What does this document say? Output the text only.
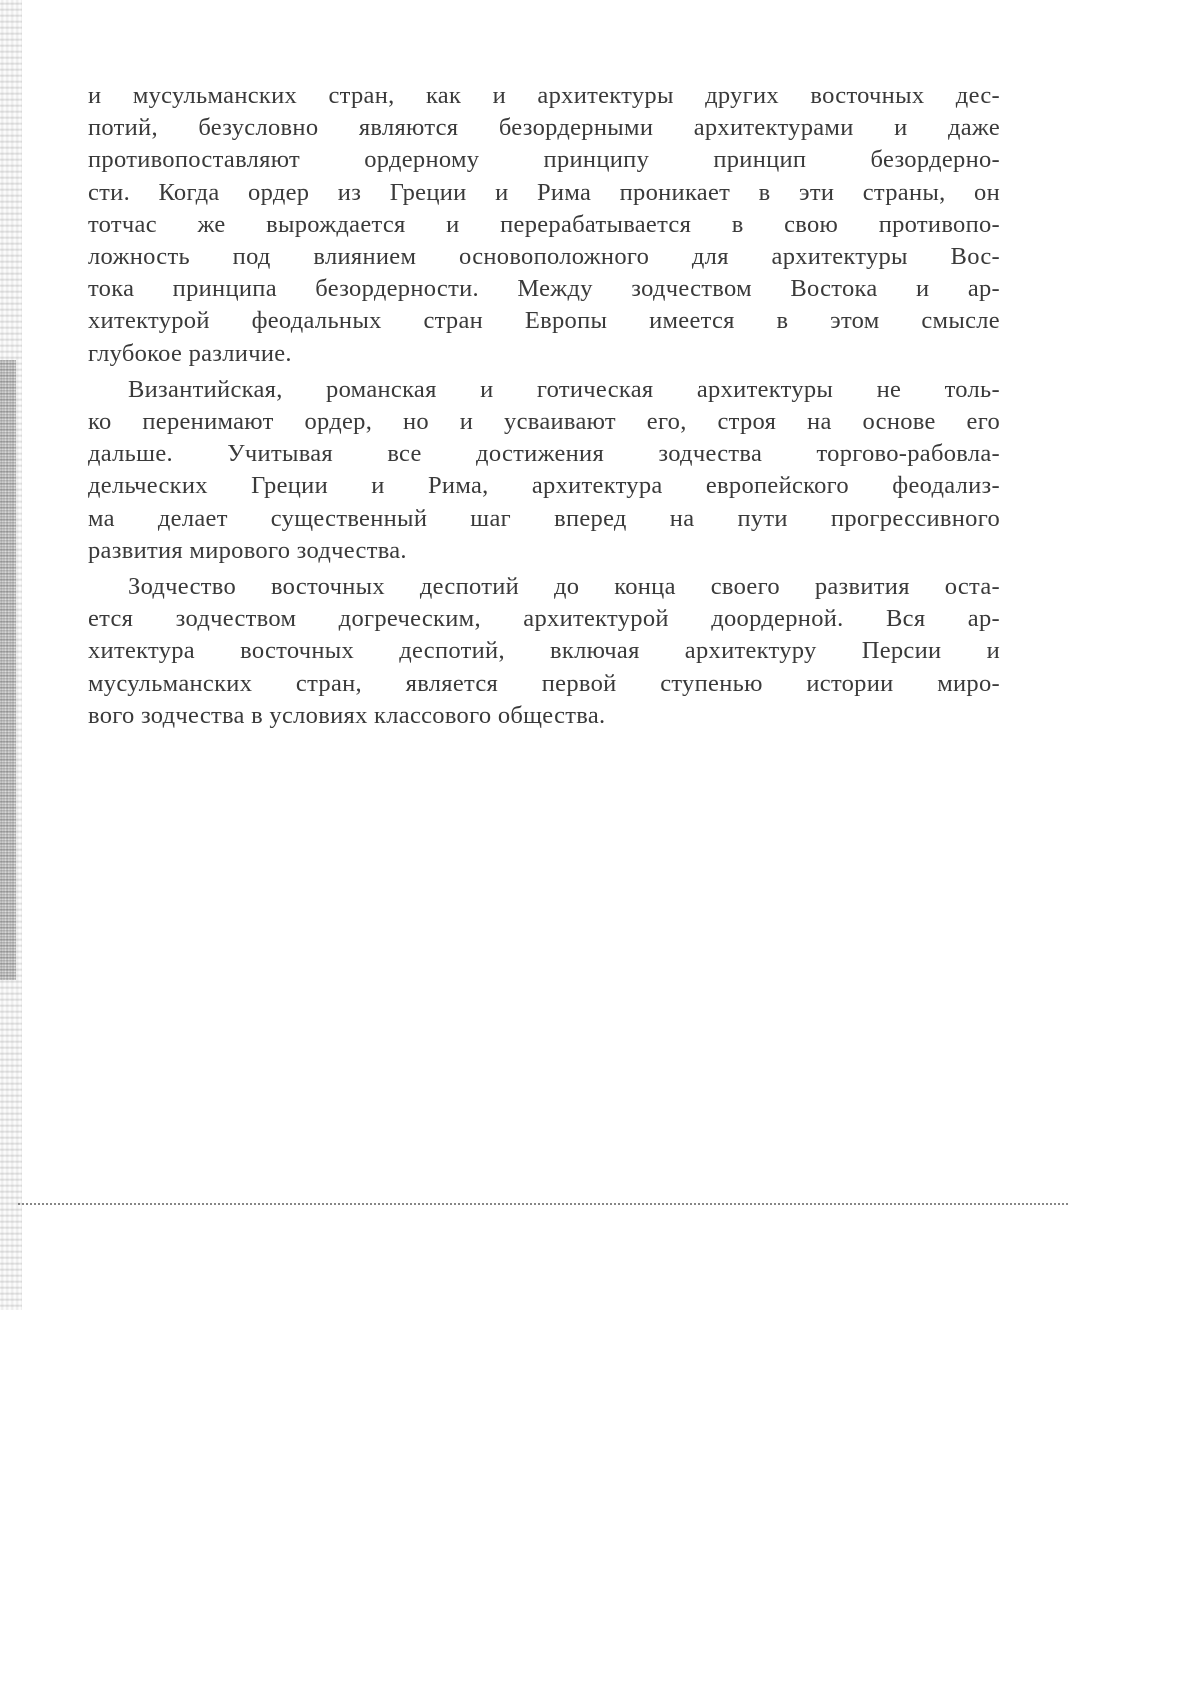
и мусульманских стран, как и архитектуры других восточных дес-
потий, безусловно являются безордерными архитектурами и даже
противопоставляют ордерному принципу принцип безордерно-
сти. Когда ордер из Греции и Рима проникает в эти страны, он
тотчас же вырождается и перерабатывается в свою противопо-
ложность под влиянием основоположного для архитектуры Вос-
тока принципа безордерности. Между зодчеством Востока и ар-
хитектурой феодальных стран Европы имеется в этом смысле
глубокое различие.

Византийская, романская и готическая архитектуры не толь-
ко перенимают ордер, но и усваивают его, строя на основе его
дальше. Учитывая все достижения зодчества торгово-рабовла-
дельческих Греции и Рима, архитектура европейского феодализ-
ма делает существенный шаг вперед на пути прогрессивного
развития мирового зодчества.

Зодчество восточных деспотий до конца своего развития оста-
ется зодчеством догреческим, архитектурой доордерной. Вся ар-
хитектура восточных деспотий, включая архитектуру Персии и
мусульманских стран, является первой ступенью истории миро-
вого зодчества в условиях классового общества.
